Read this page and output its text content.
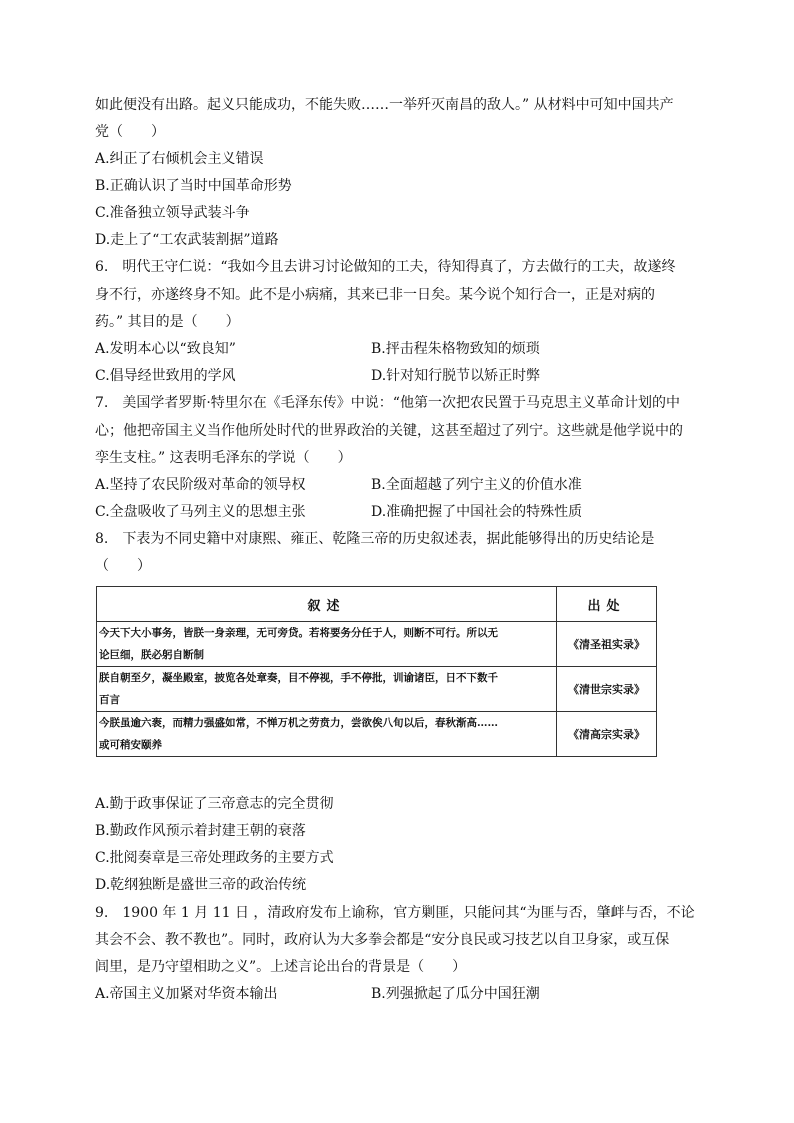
如此便没有出路。起义只能成功，不能失败……一举歼灭南昌的敌人。” 从材料中可知中国共产
党（　　）
A.纠正了右倾机会主义错误
B.正确认识了当时中国革命形势
C.准备独立领导武装斗争
D.走上了“工农武装割据”道路
6.　明代王守仁说：“我如今且去讲习讨论做知的工夫，待知得真了，方去做行的工夫，故遂终
身不行，亦遂终身不知。此不是小病痛，其来已非一日矣。某今说个知行合一，正是对病的
药。” 其目的是（　　）
A.发明本心以“致良知”	B.抨击程朱格物致知的烦琐
C.倡导经世致用的学风	D.针对知行脱节以矫正时弊
7.　美国学者罗斯·特里尔在《毛泽东传》中说：“他第一次把农民置于马克思主义革命计划的中
心；他把帝国主义当作他所处时代的世界政治的关键，这甚至超过了列宁。这些就是他学说中的
孪生支柱。” 这表明毛泽东的学说（　　）
A.坚持了农民阶级对革命的领导权	B.全面超越了列宁主义的价值水准
C.全盘吸收了马列主义的思想主张	D.准确把握了中国社会的特殊性质
8.　下表为不同史籍中对康熙、雍正、乾隆三帝的历史叙述表，据此能够得出的历史结论是
（　　）
叙述	出处
今天下大小事务，皆朕一身亲理，无可旁贷。若将要务分任于人，则断不可行。所以无
论巨细，朕必躬自断制	《清圣祖实录》
朕自朝至夕，凝坐殿室，披览各处章奏，目不停视，手不停批，训谕诸臣，日不下数千
百言	《清世宗实录》
今朕虽逾六袠，而精力强盛如常，不惮万机之劳贲力，尝欲俟八旬以后，春秋渐高……
或可稍安颐养	《清高宗实录》
A.勤于政事保证了三帝意志的完全贯彻
B.勤政作风预示着封建王朝的衰落
C.批阅奏章是三帝处理政务的主要方式
D.乾纲独断是盛世三帝的政治传统
9.　1900 年 1 月 11 日 ，清政府发布上谕称，官方剿匪，只能问其“为匪与否，肇衅与否，不论
其会不会、教不教也”。同时，政府认为大多拳会都是“安分良民或习技艺以自卫身家，或互保
闾里，是乃守望相助之义”。上述言论出台的背景是（　　）
A.帝国主义加紧对华资本输出	B.列强掀起了瓜分中国狂潮
